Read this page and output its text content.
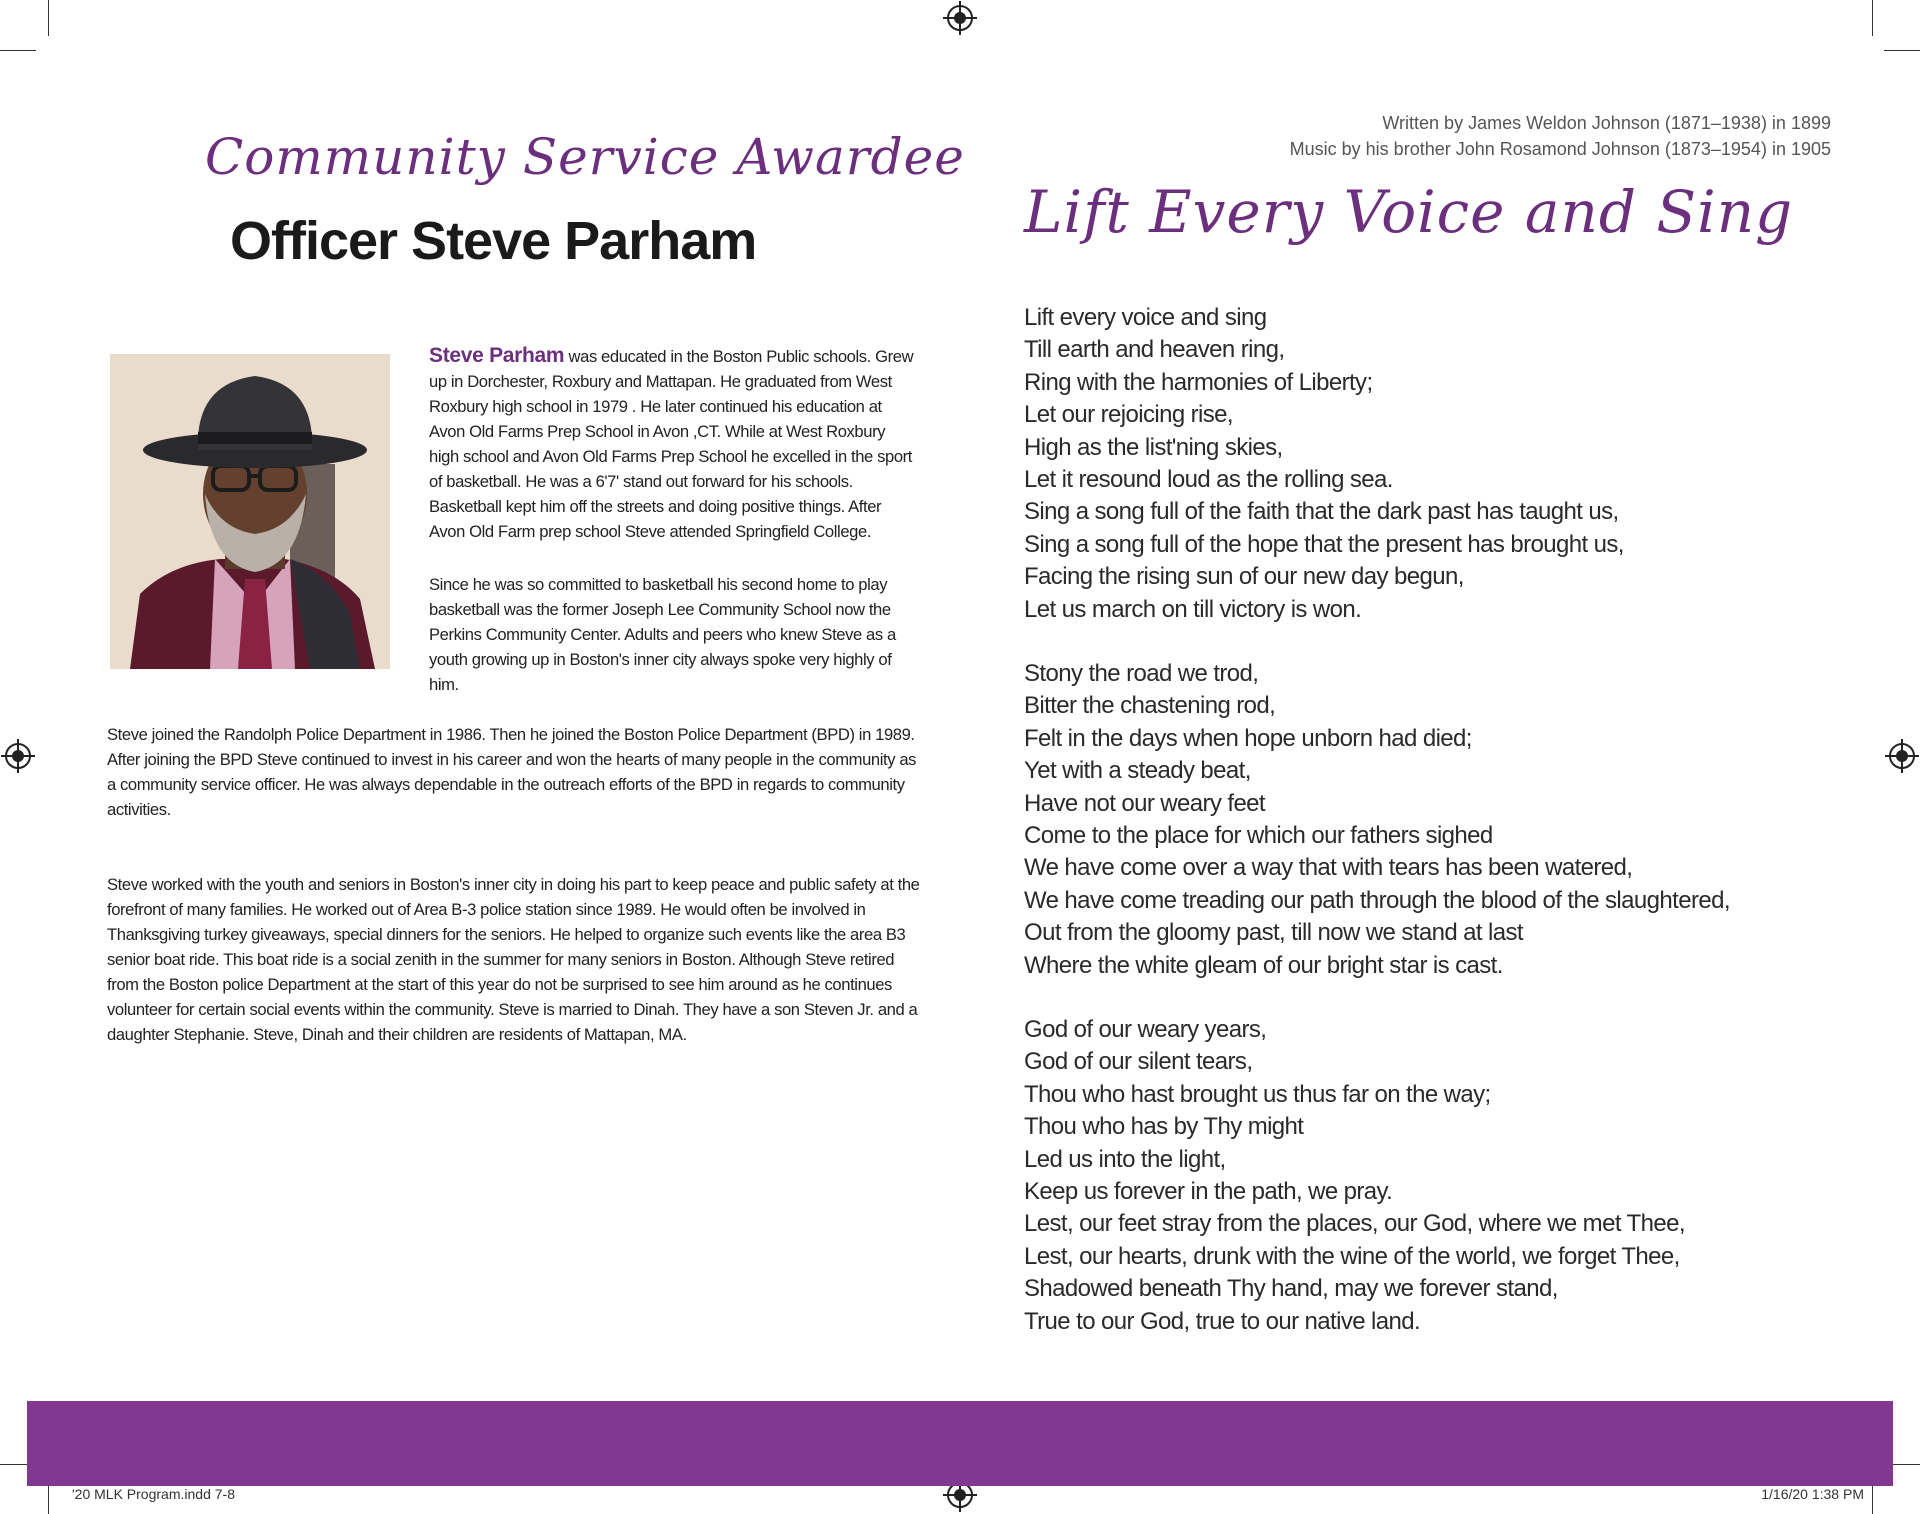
Community Service Awardee
Officer Steve Parham
Steve Parham was educated in the Boston Public schools. Grew up in Dorchester, Roxbury and Mattapan. He graduated from West Roxbury high school in 1979 . He later continued his education at Avon Old Farms Prep School in Avon ,CT. While at West Roxbury high school and Avon Old Farms Prep School he excelled in the sport of basketball. He was a 6'7' stand out forward for his schools. Basketball kept him off the streets and doing positive things. After Avon Old Farm prep school Steve attended Springfield College.
Since he was so committed to basketball his second home to play basketball was the former Joseph Lee Community School now the Perkins Community Center. Adults and peers who knew Steve as a youth growing up in Boston's inner city always spoke very highly of him.
Steve joined the Randolph Police Department in 1986. Then he joined the Boston Police Department (BPD) in 1989. After joining the BPD Steve continued to invest in his career and won the hearts of many people in the community as a community service officer. He was always dependable in the outreach efforts of the BPD in regards to community activities.
Steve worked with the youth and seniors in Boston's inner city in doing his part to keep peace and public safety at the forefront of many families. He worked out of Area B-3 police station since 1989. He would often be involved in Thanksgiving turkey giveaways, special dinners for the seniors. He helped to organize such events like the area B3 senior boat ride. This boat ride is a social zenith in the summer for many seniors in Boston. Although Steve retired from the Boston police Department at the start of this year do not be surprised to see him around as he continues volunteer for certain social events within the community. Steve is married to Dinah. They have a son Steven Jr. and a daughter Stephanie. Steve, Dinah and their children are residents of Mattapan, MA.
Written by James Weldon Johnson (1871–1938) in 1899
Music by his brother John Rosamond Johnson (1873–1954) in 1905
Lift Every Voice and Sing
Lift every voice and sing
Till earth and heaven ring,
Ring with the harmonies of Liberty;
Let our rejoicing rise,
High as the list'ning skies,
Let it resound loud as the rolling sea.
Sing a song full of the faith that the dark past has taught us,
Sing a song full of the hope that the present has brought us,
Facing the rising sun of our new day begun,
Let us march on till victory is won.
Stony the road we trod,
Bitter the chastening rod,
Felt in the days when hope unborn had died;
Yet with a steady beat,
Have not our weary feet
Come to the place for which our fathers sighed
We have come over a way that with tears has been watered,
We have come treading our path through the blood of the slaughtered,
Out from the gloomy past, till now we stand at last
Where the white gleam of our bright star is cast.
God of our weary years,
God of our silent tears,
Thou who hast brought us thus far on the way;
Thou who has by Thy might
Led us into the light,
Keep us forever in the path, we pray.
Lest, our feet stray from the places, our God, where we met Thee,
Lest, our hearts, drunk with the wine of the world, we forget Thee,
Shadowed beneath Thy hand, may we forever stand,
True to our God, true to our native land.
'20 MLK Program.indd 7-8	1/16/20 1:38 PM
